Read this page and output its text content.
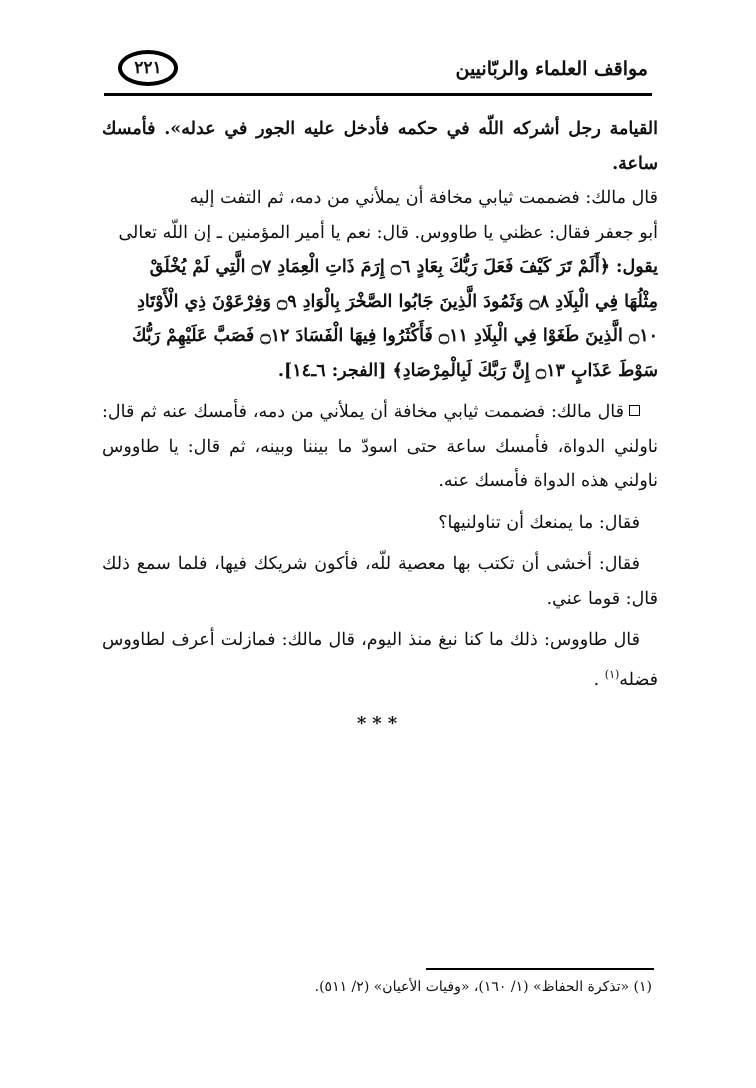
مواقف العلماء والربّانيين
٢٢١

القيامة رجل أشركه اللّه في حكمه فأدخل عليه الجور في عدله». فأمسك ساعة.

قال مالك: فضممت ثيابي مخافة أن يملأني من دمه، ثم التفت إليه

أبو جعفر فقال: عظني يا طاووس. قال: نعم يا أمير المؤمنين ـ إن اللّه تعالى

يقول: ﴿أَلَمْ تَرَ كَيْفَ فَعَلَ رَبُّكَ بِعَادٍ ۝٦ إِرَمَ ذَاتِ الْعِمَادِ ۝٧ الَّتِي لَمْ يُخْلَقْ

مِثْلُهَا فِي الْبِلَادِ ۝٨ وَثَمُودَ الَّذِينَ جَابُوا الصَّخْرَ بِالْوَادِ ۝٩ وَفِرْعَوْنَ ذِي الْأَوْتَادِ

۝١٠ الَّذِينَ طَغَوْا فِي الْبِلَادِ ۝١١ فَأَكْثَرُوا فِيهَا الْفَسَادَ ۝١٢ فَصَبَّ عَلَيْهِمْ رَبُّكَ

سَوْطَ عَذَابٍ ۝١٣ إِنَّ رَبَّكَ لَبِالْمِرْصَادِ﴾ [الفجر: ٦ـ١٤].

قال مالك: فضممت ثيابي مخافة أن يملأني من دمه، فأمسك عنه ثم قال: ناولني الدواة، فأمسك ساعة حتى اسودّ ما بيننا وبينه، ثم قال: يا طاووس ناولني هذه الدواة فأمسك عنه.

فقال: ما يمنعك أن تناولنيها؟

فقال: أخشى أن تكتب بها معصية للّه، فأكون شريكك فيها، فلما سمع ذلك قال: قوما عني.

قال طاووس: ذلك ما كنا نبغ منذ اليوم، قال مالك: فمازلت أعرف لطاووس فضله$^{(١)}$ .

***

(١) «تذكرة الحفاظ» (١/ ١٦٠)، «وفيات الأعيان» (٢/ ٥١١).
